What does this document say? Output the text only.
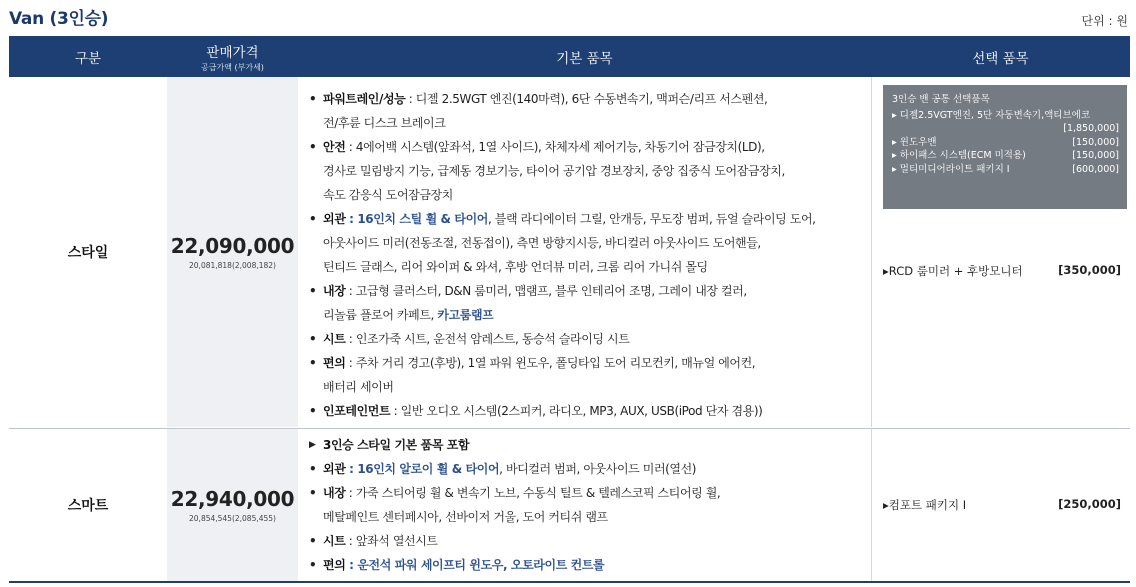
Van (3인승)	단위 : 원
구분	판매가격
공급가액 (부가세)
기본 품목	선택 품목
스타일	22,090,000
20,081,818(2,008,182)
• 파워트레인/성능 : 디젤 2.5WGT 엔진(140마력), 6단 수동변속기, 맥퍼슨/리프 서스펜션,
전/후륜 디스크 브레이크
• 안전 : 4에어백 시스템(앞좌석, 1열 사이드), 차체자세 제어기능, 차동기어 잠금장치(LD),
경사로 밀림방지 기능, 급제동 경보기능, 타이어 공기압 경보장치, 중앙 집중식 도어잠금장치,
속도 감응식 도어잠금장치
• 외관 : 16인치 스틸 휠 & 타이어, 블랙 라디에이터 그릴, 안개등, 무도장 범퍼, 듀얼 슬라이딩 도어,
아웃사이드 미러(전동조절, 전동접이), 측면 방향지시등, 바디컬러 아웃사이드 도어핸들,
틴티드 글래스, 리어 와이퍼 & 와셔, 후방 언더뷰 미러, 크롬 리어 가니쉬 몰딩
• 내장 : 고급형 클러스터, D&N 룸미러, 맵램프, 블루 인테리어 조명, 그레이 내장 컬러,
리놀륨 플로어 카페트, 카고룸램프
• 시트 : 인조가죽 시트, 운전석 암레스트, 동승석 슬라이딩 시트
• 편의 : 주차 거리 경고(후방), 1열 파워 윈도우, 폴딩타입 도어 리모컨키, 매뉴얼 에어컨,
배터리 세이버
• 인포테인먼트 : 일반 오디오 시스템(2스피커, 라디오, MP3, AUX, USB(iPod 단자 겸용))
3인승 밴 공통 선택품목
▸ 디젤2.5VGT엔진, 5단 자동변속기,액티브에코
[1,850,000]
▸ 윈도우밴	[150,000]
▸ 하이패스 시스템(ECM 미적용)	[150,000]
▸ 멀티미디어라이트 패키지 I	[600,000]
▸RCD 룸미러 + 후방모니터	[350,000]
스마트	22,940,000
20,854,545(2,085,455)
▶ 3인승 스타일 기본 품목 포함
• 외관 : 16인치 알로이 휠 & 타이어, 바디컬러 범퍼, 아웃사이드 미러(열선)
• 내장 : 가죽 스티어링 휠 & 변속기 노브, 수동식 틸트 & 텔레스코픽 스티어링 휠,
메탈페인트 센터페시아, 선바이저 거울, 도어 커티쉬 램프
• 시트 : 앞좌석 열선시트
• 편의 : 운전석 파워 세이프티 윈도우, 오토라이트 컨트롤
▸컴포트 패키지 I	[250,000]
